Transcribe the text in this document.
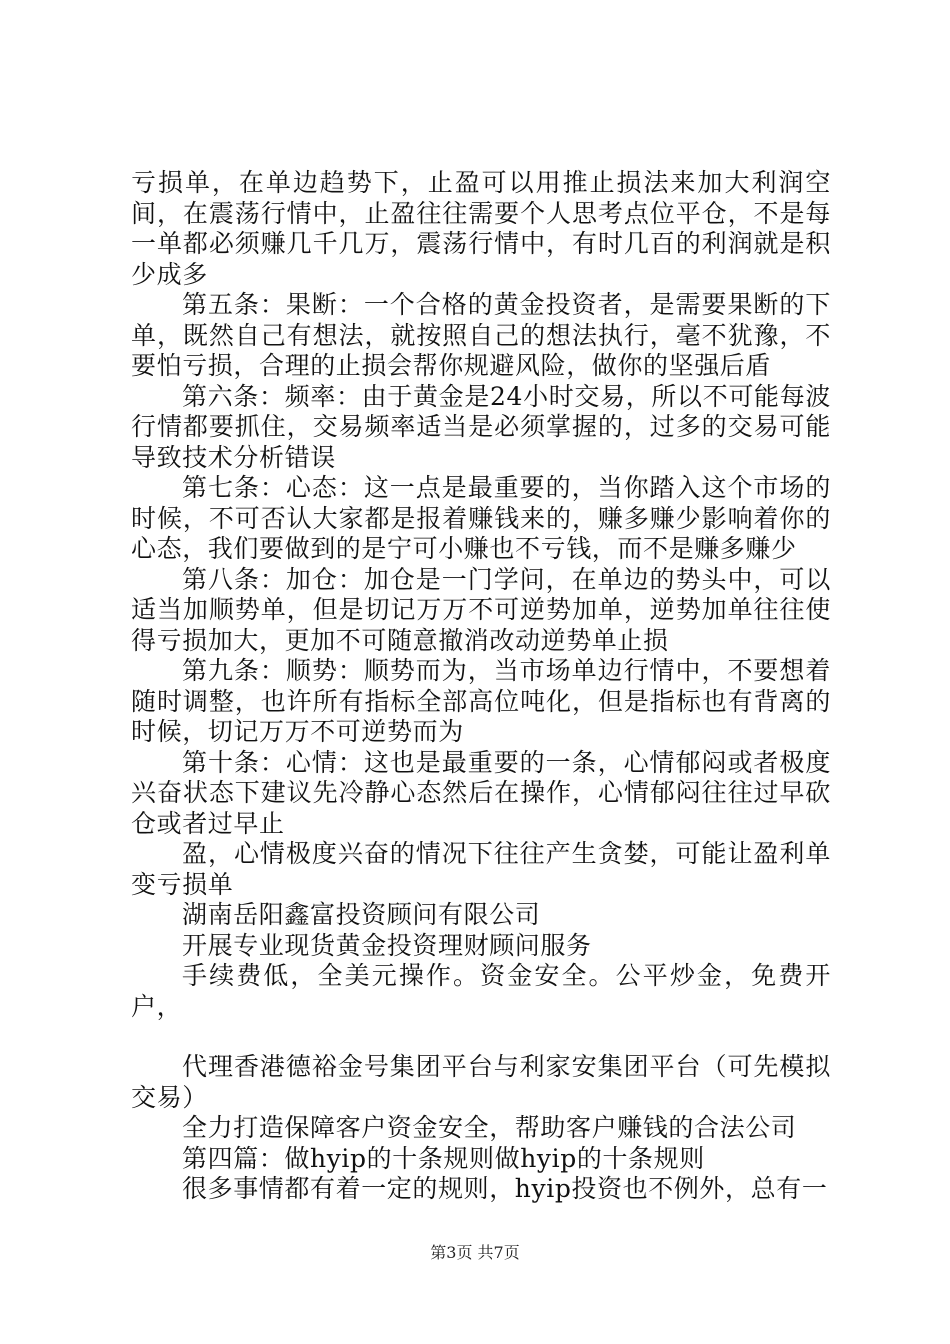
亏损单，在单边趋势下，止盈可以用推止损法来加大利润空间，在震荡行情中，止盈往往需要个人思考点位平仓，不是每一单都必须赚几千几万，震荡行情中，有时几百的利润就是积少成多

第五条：果断：一个合格的黄金投资者，是需要果断的下单，既然自己有想法，就按照自己的想法执行，毫不犹豫，不要怕亏损，合理的止损会帮你规避风险，做你的坚强后盾

第六条：频率：由于黄金是24小时交易，所以不可能每波行情都要抓住，交易频率适当是必须掌握的，过多的交易可能导致技术分析错误

第七条：心态：这一点是最重要的，当你踏入这个市场的时候，不可否认大家都是报着赚钱来的，赚多赚少影响着你的心态，我们要做到的是宁可小赚也不亏钱，而不是赚多赚少

第八条：加仓：加仓是一门学问，在单边的势头中，可以适当加顺势单，但是切记万万不可逆势加单，逆势加单往往使得亏损加大，更加不可随意撤消改动逆势单止损

第九条：顺势：顺势而为，当市场单边行情中，不要想着随时调整，也许所有指标全部高位吨化，但是指标也有背离的时候，切记万万不可逆势而为

第十条：心情：这也是最重要的一条，心情郁闷或者极度兴奋状态下建议先冷静心态然后在操作，心情郁闷往往过早砍仓或者过早止

盈，心情极度兴奋的情况下往往产生贪婪，可能让盈利单变亏损单

湖南岳阳鑫富投资顾问有限公司

开展专业现货黄金投资理财顾问服务

手续费低，全美元操作。资金安全。公平炒金，免费开户，

代理香港德裕金号集团平台与利家安集团平台（可先模拟交易）

全力打造保障客户资金安全，帮助客户赚钱的合法公司

第四篇：做hyip的十条规则做hyip的十条规则

很多事情都有着一定的规则，hyip投资也不例外，总有一

第3页 共7页
